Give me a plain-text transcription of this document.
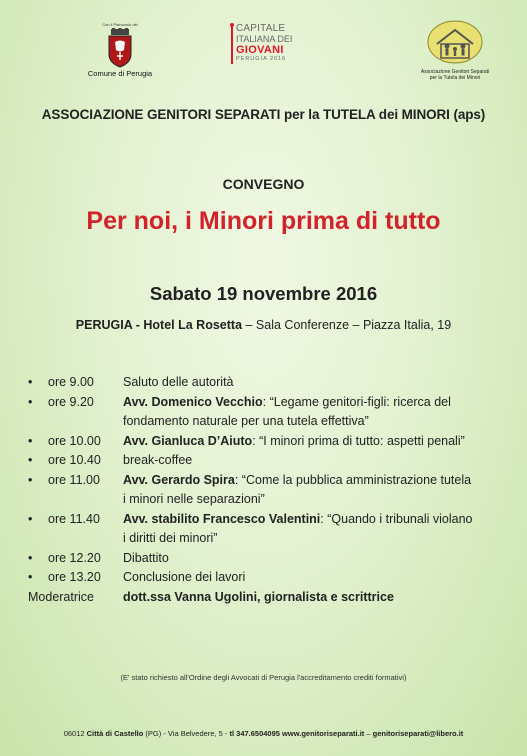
Con il Patrocinio del
Comune di Perugia
CAPITALE
ITALIANA DEI
GIOVANI
PERUGIA 2016
Associazione Genitori Separati
per la Tutela dei Minori
ASSOCIAZIONE GENITORI SEPARATI per la TUTELA dei MINORI (aps)
CONVEGNO
Per noi, i Minori prima di tutto
Sabato 19 novembre 2016
PERUGIA - Hotel La Rosetta – Sala Conferenze – Piazza Italia, 19
•	ore 9.00	Saluto delle autorità
•	ore 9.20	Avv. Domenico Vecchio: “Legame genitori-figli: ricerca del
fondamento naturale per una tutela effettiva”
•	ore 10.00	Avv. Gianluca D’Aiuto: “I minori prima di tutto: aspetti penali”
•	ore 10.40	break-coffee
•	ore 11.00	Avv. Gerardo Spira: “Come la pubblica amministrazione tutela
i minori nelle separazioni”
•	ore 11.40	Avv. stabilito Francesco Valentini: “Quando i tribunali violano
i diritti dei minori”
•	ore 12.20	Dibattito
•	ore 13.20	Conclusione dei lavori
Moderatrice	dott.ssa Vanna Ugolini, giornalista e scrittrice
(E' stato richiesto all'Ordine degli Avvocati di Perugia l'accreditamento crediti formativi)
06012 Città di Castello (PG) - Via Belvedere, 5 - tl 347.6504095 www.genitoriseparati.it – genitoriseparati@libero.it
